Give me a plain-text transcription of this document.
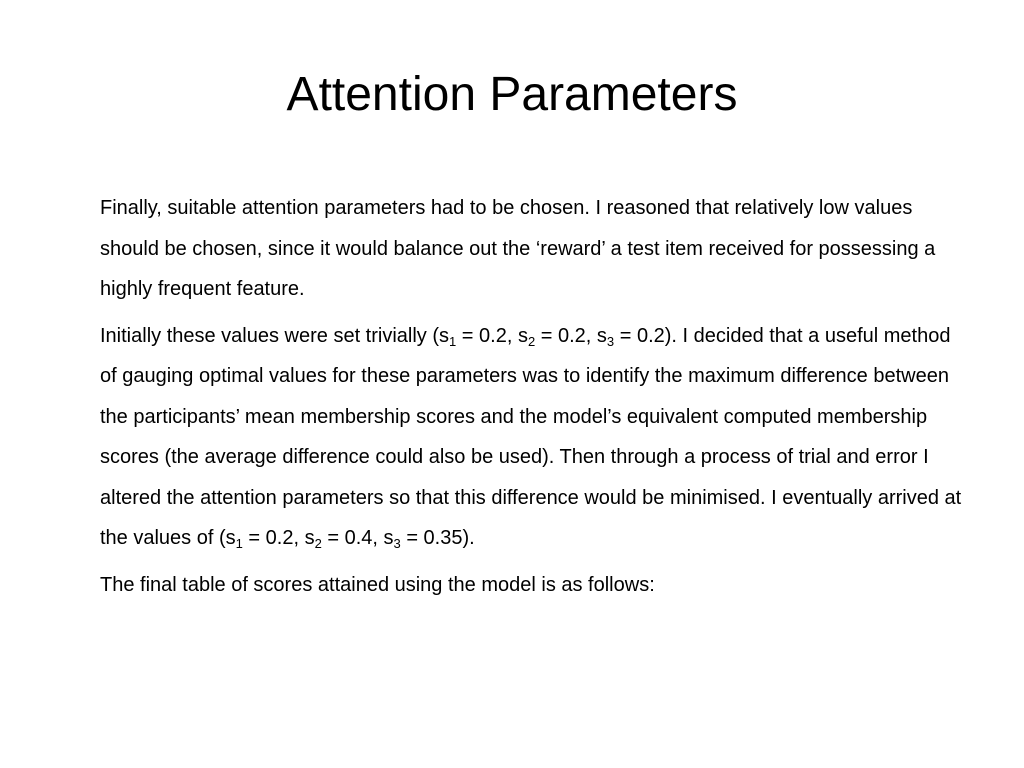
Attention Parameters

Finally, suitable attention parameters had to be chosen. I reasoned that relatively low values should be chosen, since it would balance out the ‘reward’ a test item received for possessing a highly frequent feature.

Initially these values were set trivially ($s_1 = 0.2$, $s_2 = 0.2$, $s_3 = 0.2$). I decided that a useful method of gauging optimal values for these parameters was to identify the maximum difference between the participants’ mean membership scores and the model’s equivalent computed membership scores (the average difference could also be used). Then through a process of trial and error I altered the attention parameters so that this difference would be minimised. I eventually arrived at the values of ($s_1 = 0.2$, $s_2 = 0.4$, $s_3 = 0.35$).

The final table of scores attained using the model is as follows:
